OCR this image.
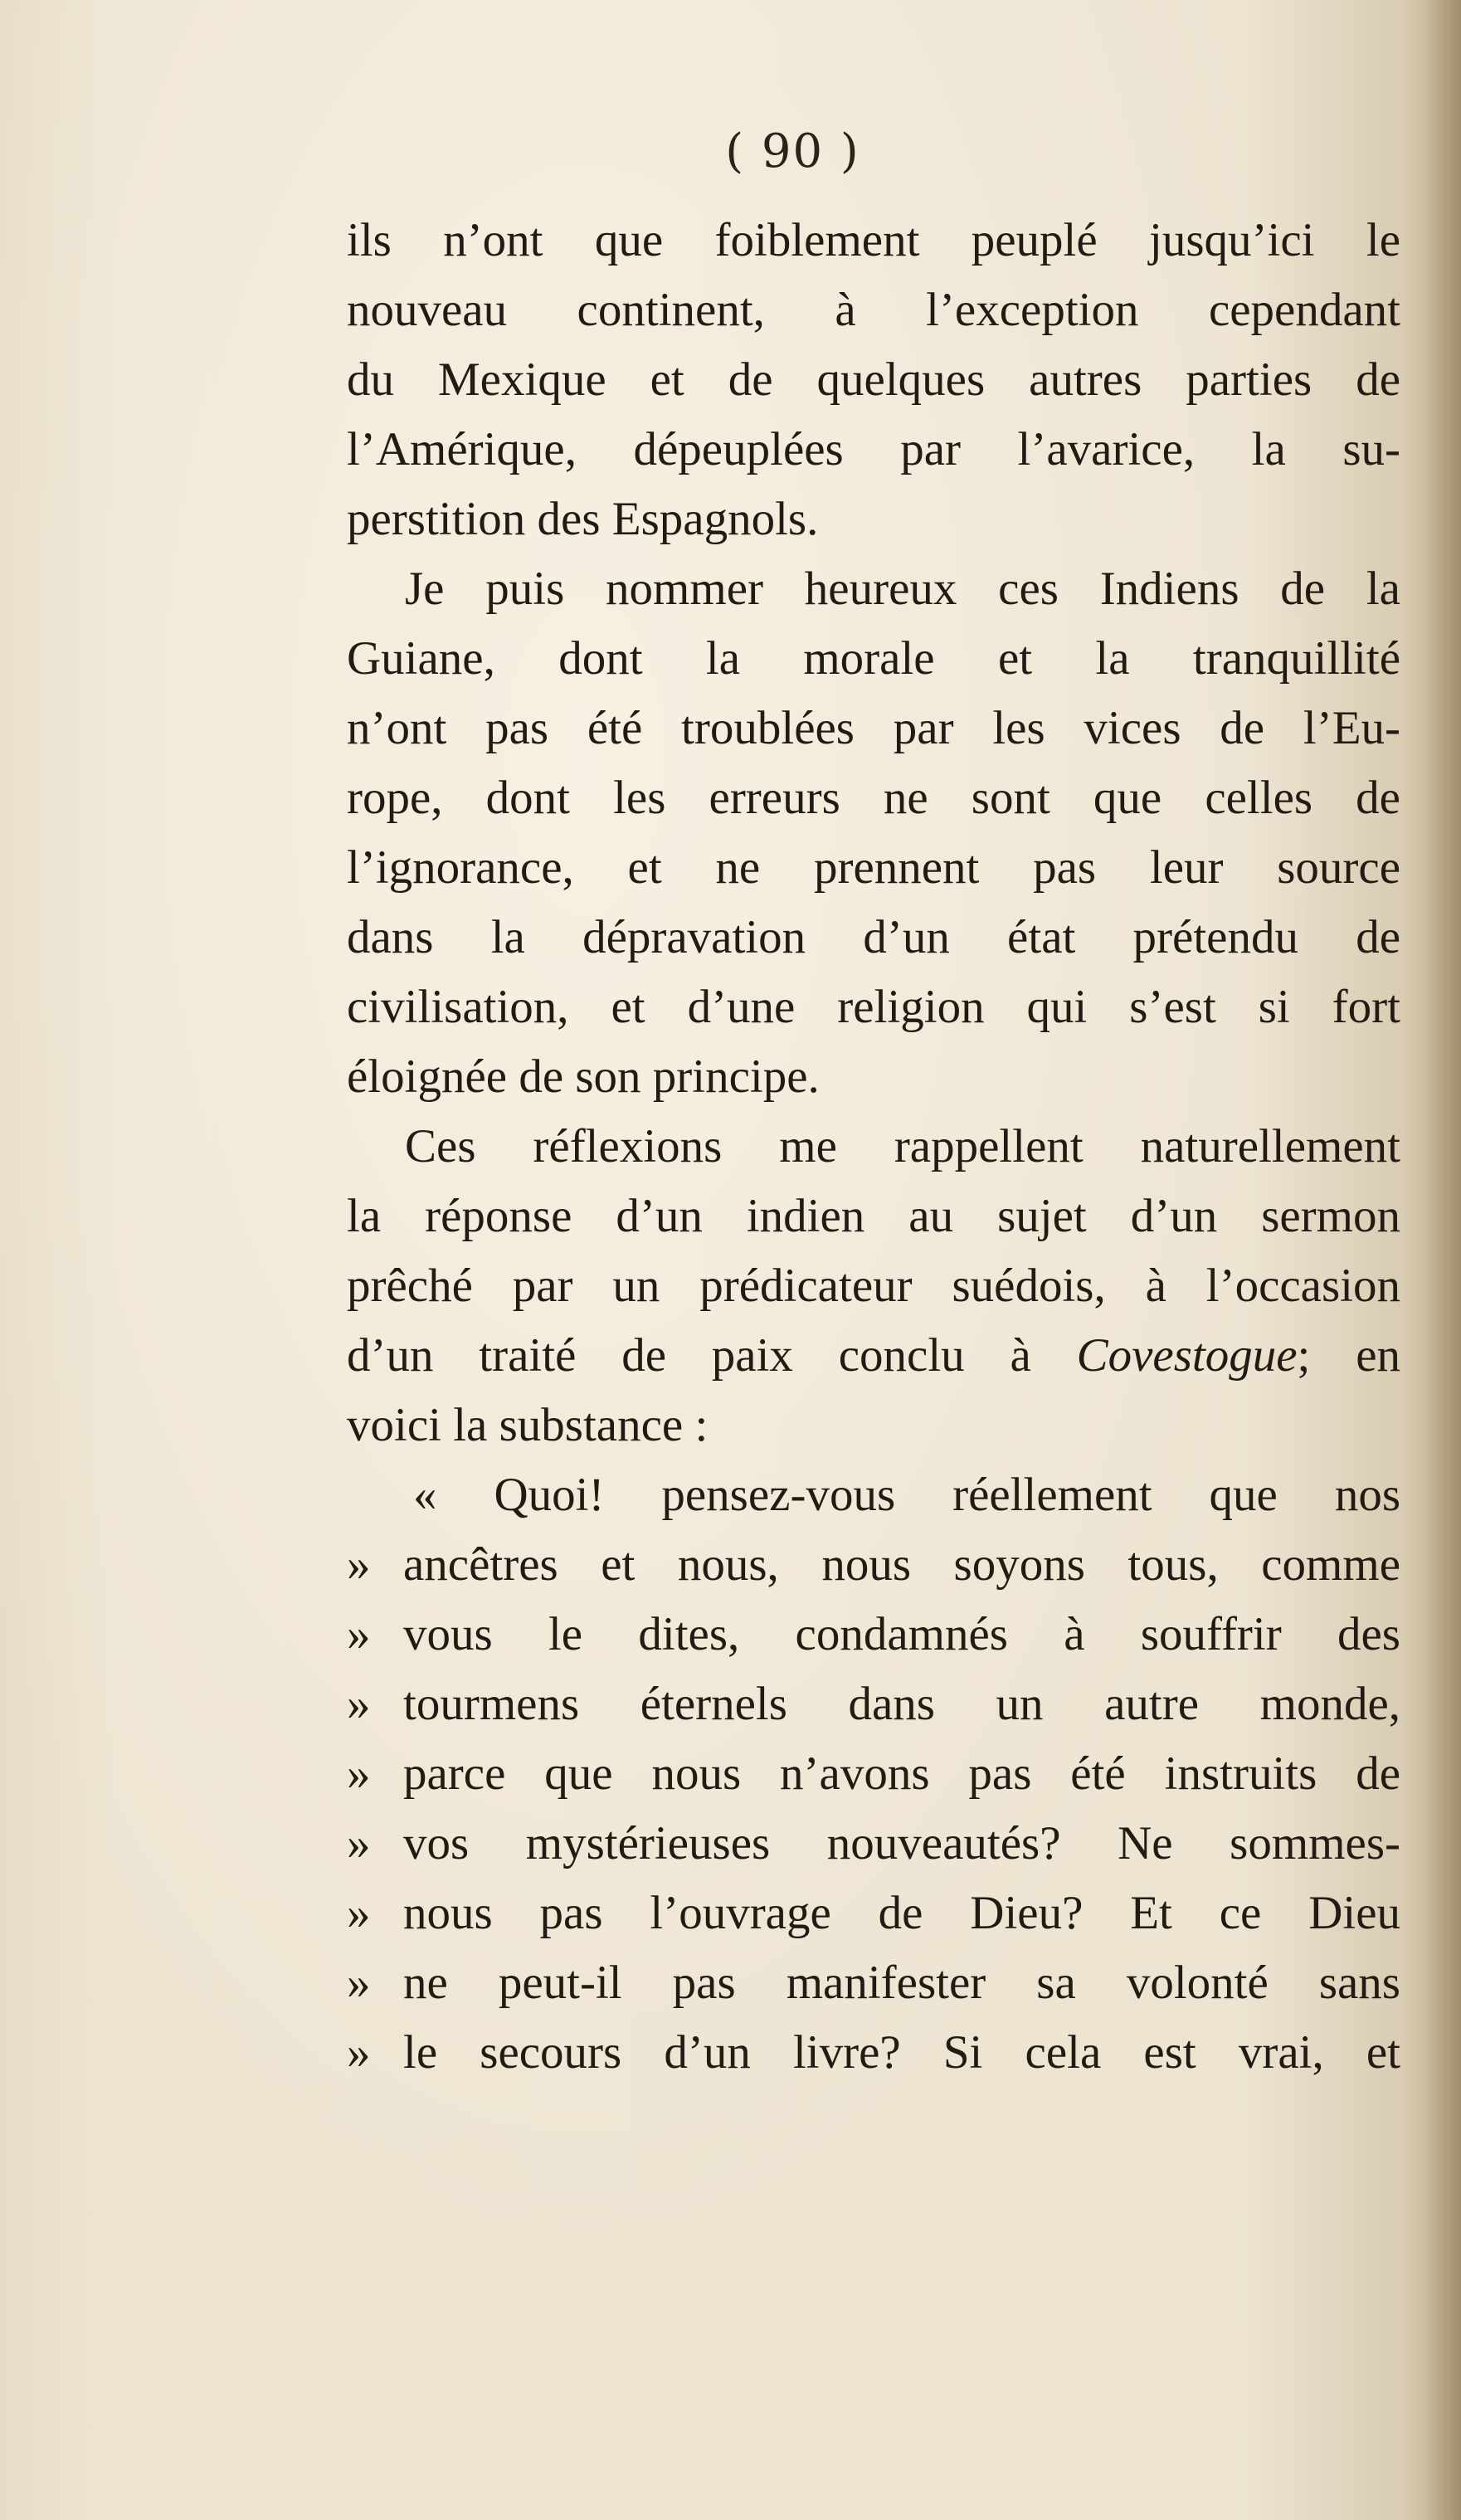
( 90 )
ils n’ont que foiblement peuplé jusqu’ici le
nouveau continent, à l’exception cependant
du Mexique et de quelques autres parties de
l’Amérique, dépeuplées par l’avarice, la su-
perstition des Espagnols.
Je puis nommer heureux ces Indiens de la
Guiane, dont la morale et la tranquillité
n’ont pas été troublées par les vices de l’Eu-
rope, dont les erreurs ne sont que celles de
l’ignorance, et ne prennent pas leur source
dans la dépravation d’un état prétendu de
civilisation, et d’une religion qui s’est si fort
éloignée de son principe.
Ces réflexions me rappellent naturellement
la réponse d’un indien au sujet d’un sermon
prêché par un prédicateur suédois, à l’occasion
d’un traité de paix conclu à Covestogue; en
voici la substance :
« Quoi! pensez-vous réellement que nos
» ancêtres et nous, nous soyons tous, comme
» vous le dites, condamnés à souffrir des
» tourmens éternels dans un autre monde,
» parce que nous n’avons pas été instruits de
» vos mystérieuses nouveautés? Ne sommes-
» nous pas l’ouvrage de Dieu? Et ce Dieu
» ne peut-il pas manifester sa volonté sans
» le secours d’un livre? Si cela est vrai, et
